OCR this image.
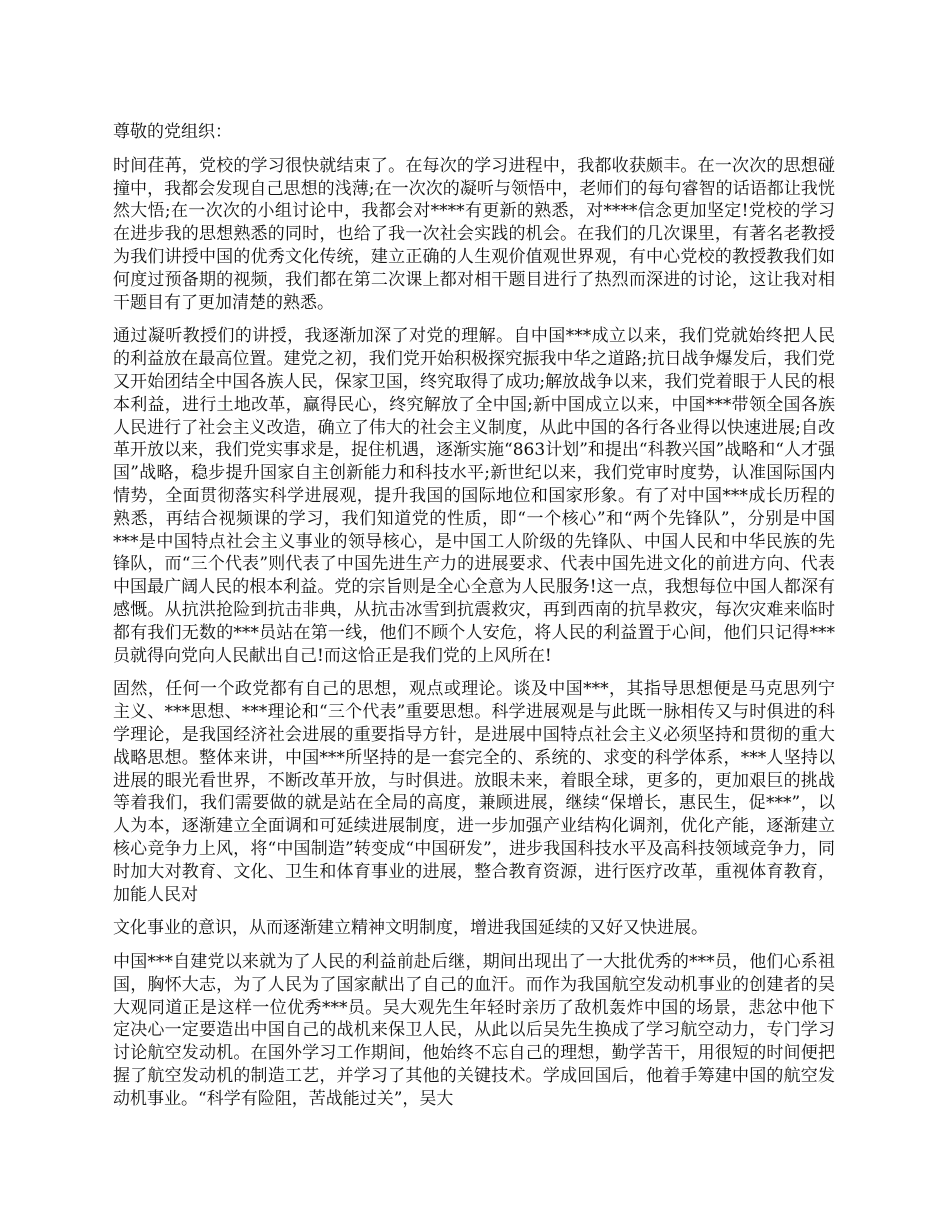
尊敬的党组织：

时间荏苒，党校的学习很快就结束了。在每次的学习进程中，我都收获颇丰。在一次次的思想碰撞中，我都会发现自己思想的浅薄;在一次次的凝听与领悟中，老师们的每句睿智的话语都让我恍然大悟;在一次次的小组讨论中，我都会对****有更新的熟悉，对****信念更加坚定!党校的学习在进步我的思想熟悉的同时，也给了我一次社会实践的机会。在我们的几次课里，有著名老教授为我们讲授中国的优秀文化传统，建立正确的人生观价值观世界观，有中心党校的教授教我们如何度过预备期的视频，我们都在第二次课上都对相干题目进行了热烈而深进的讨论，这让我对相干题目有了更加清楚的熟悉。

通过凝听教授们的讲授，我逐渐加深了对党的理解。自中国***成立以来，我们党就始终把人民的利益放在最高位置。建党之初，我们党开始积极探究振我中华之道路;抗日战争爆发后，我们党又开始团结全中国各族人民，保家卫国，终究取得了成功;解放战争以来，我们党着眼于人民的根本利益，进行土地改革，赢得民心，终究解放了全中国;新中国成立以来，中国***带领全国各族人民进行了社会主义改造，确立了伟大的社会主义制度，从此中国的各行各业得以快速进展;自改革开放以来，我们党实事求是，捉住机遇，逐渐实施“863计划”和提出“科教兴国”战略和“人才强国”战略，稳步提升国家自主创新能力和科技水平;新世纪以来，我们党审时度势，认准国际国内情势，全面贯彻落实科学进展观，提升我国的国际地位和国家形象。有了对中国***成长历程的熟悉，再结合视频课的学习，我们知道党的性质，即“一个核心”和“两个先锋队”，分别是中国***是中国特点社会主义事业的领导核心，是中国工人阶级的先锋队、中国人民和中华民族的先锋队，而“三个代表”则代表了中国先进生产力的进展要求、代表中国先进文化的前进方向、代表中国最广阔人民的根本利益。党的宗旨则是全心全意为人民服务!这一点，我想每位中国人都深有感慨。从抗洪抢险到抗击非典，从抗击冰雪到抗震救灾，再到西南的抗旱救灾，每次灾难来临时都有我们无数的***员站在第一线，他们不顾个人安危，将人民的利益置于心间，他们只记得***员就得向党向人民献出自己!而这恰正是我们党的上风所在!

固然，任何一个政党都有自己的思想，观点或理论。谈及中国***，其指导思想便是马克思列宁主义、***思想、***理论和“三个代表”重要思想。科学进展观是与此既一脉相传又与时俱进的科学理论，是我国经济社会进展的重要指导方针，是进展中国特点社会主义必须坚持和贯彻的重大战略思想。整体来讲，中国***所坚持的是一套完全的、系统的、求变的科学体系，***人坚持以进展的眼光看世界，不断改革开放，与时俱进。放眼未来，着眼全球，更多的，更加艰巨的挑战等着我们，我们需要做的就是站在全局的高度，兼顾进展，继续“保增长，惠民生，促***”，以人为本，逐渐建立全面调和可延续进展制度，进一步加强产业结构化调剂，优化产能，逐渐建立核心竞争力上风，将“中国制造”转变成“中国研发”，进步我国科技水平及高科技领域竞争力，同时加大对教育、文化、卫生和体育事业的进展，整合教育资源，进行医疗改革，重视体育教育，加能人民对

文化事业的意识，从而逐渐建立精神文明制度，增进我国延续的又好又快进展。

中国***自建党以来就为了人民的利益前赴后继，期间出现出了一大批优秀的***员，他们心系祖国，胸怀大志，为了人民为了国家献出了自己的血汗。而作为我国航空发动机事业的创建者的吴大观同道正是这样一位优秀***员。吴大观先生年轻时亲历了敌机轰炸中国的场景，悲忿中他下定决心一定要造出中国自己的战机来保卫人民，从此以后吴先生换成了学习航空动力，专门学习讨论航空发动机。在国外学习工作期间，他始终不忘自己的理想，勤学苦干，用很短的时间便把握了航空发动机的制造工艺，并学习了其他的关键技术。学成回国后，他着手筹建中国的航空发动机事业。“科学有险阻，苦战能过关”，吴大
